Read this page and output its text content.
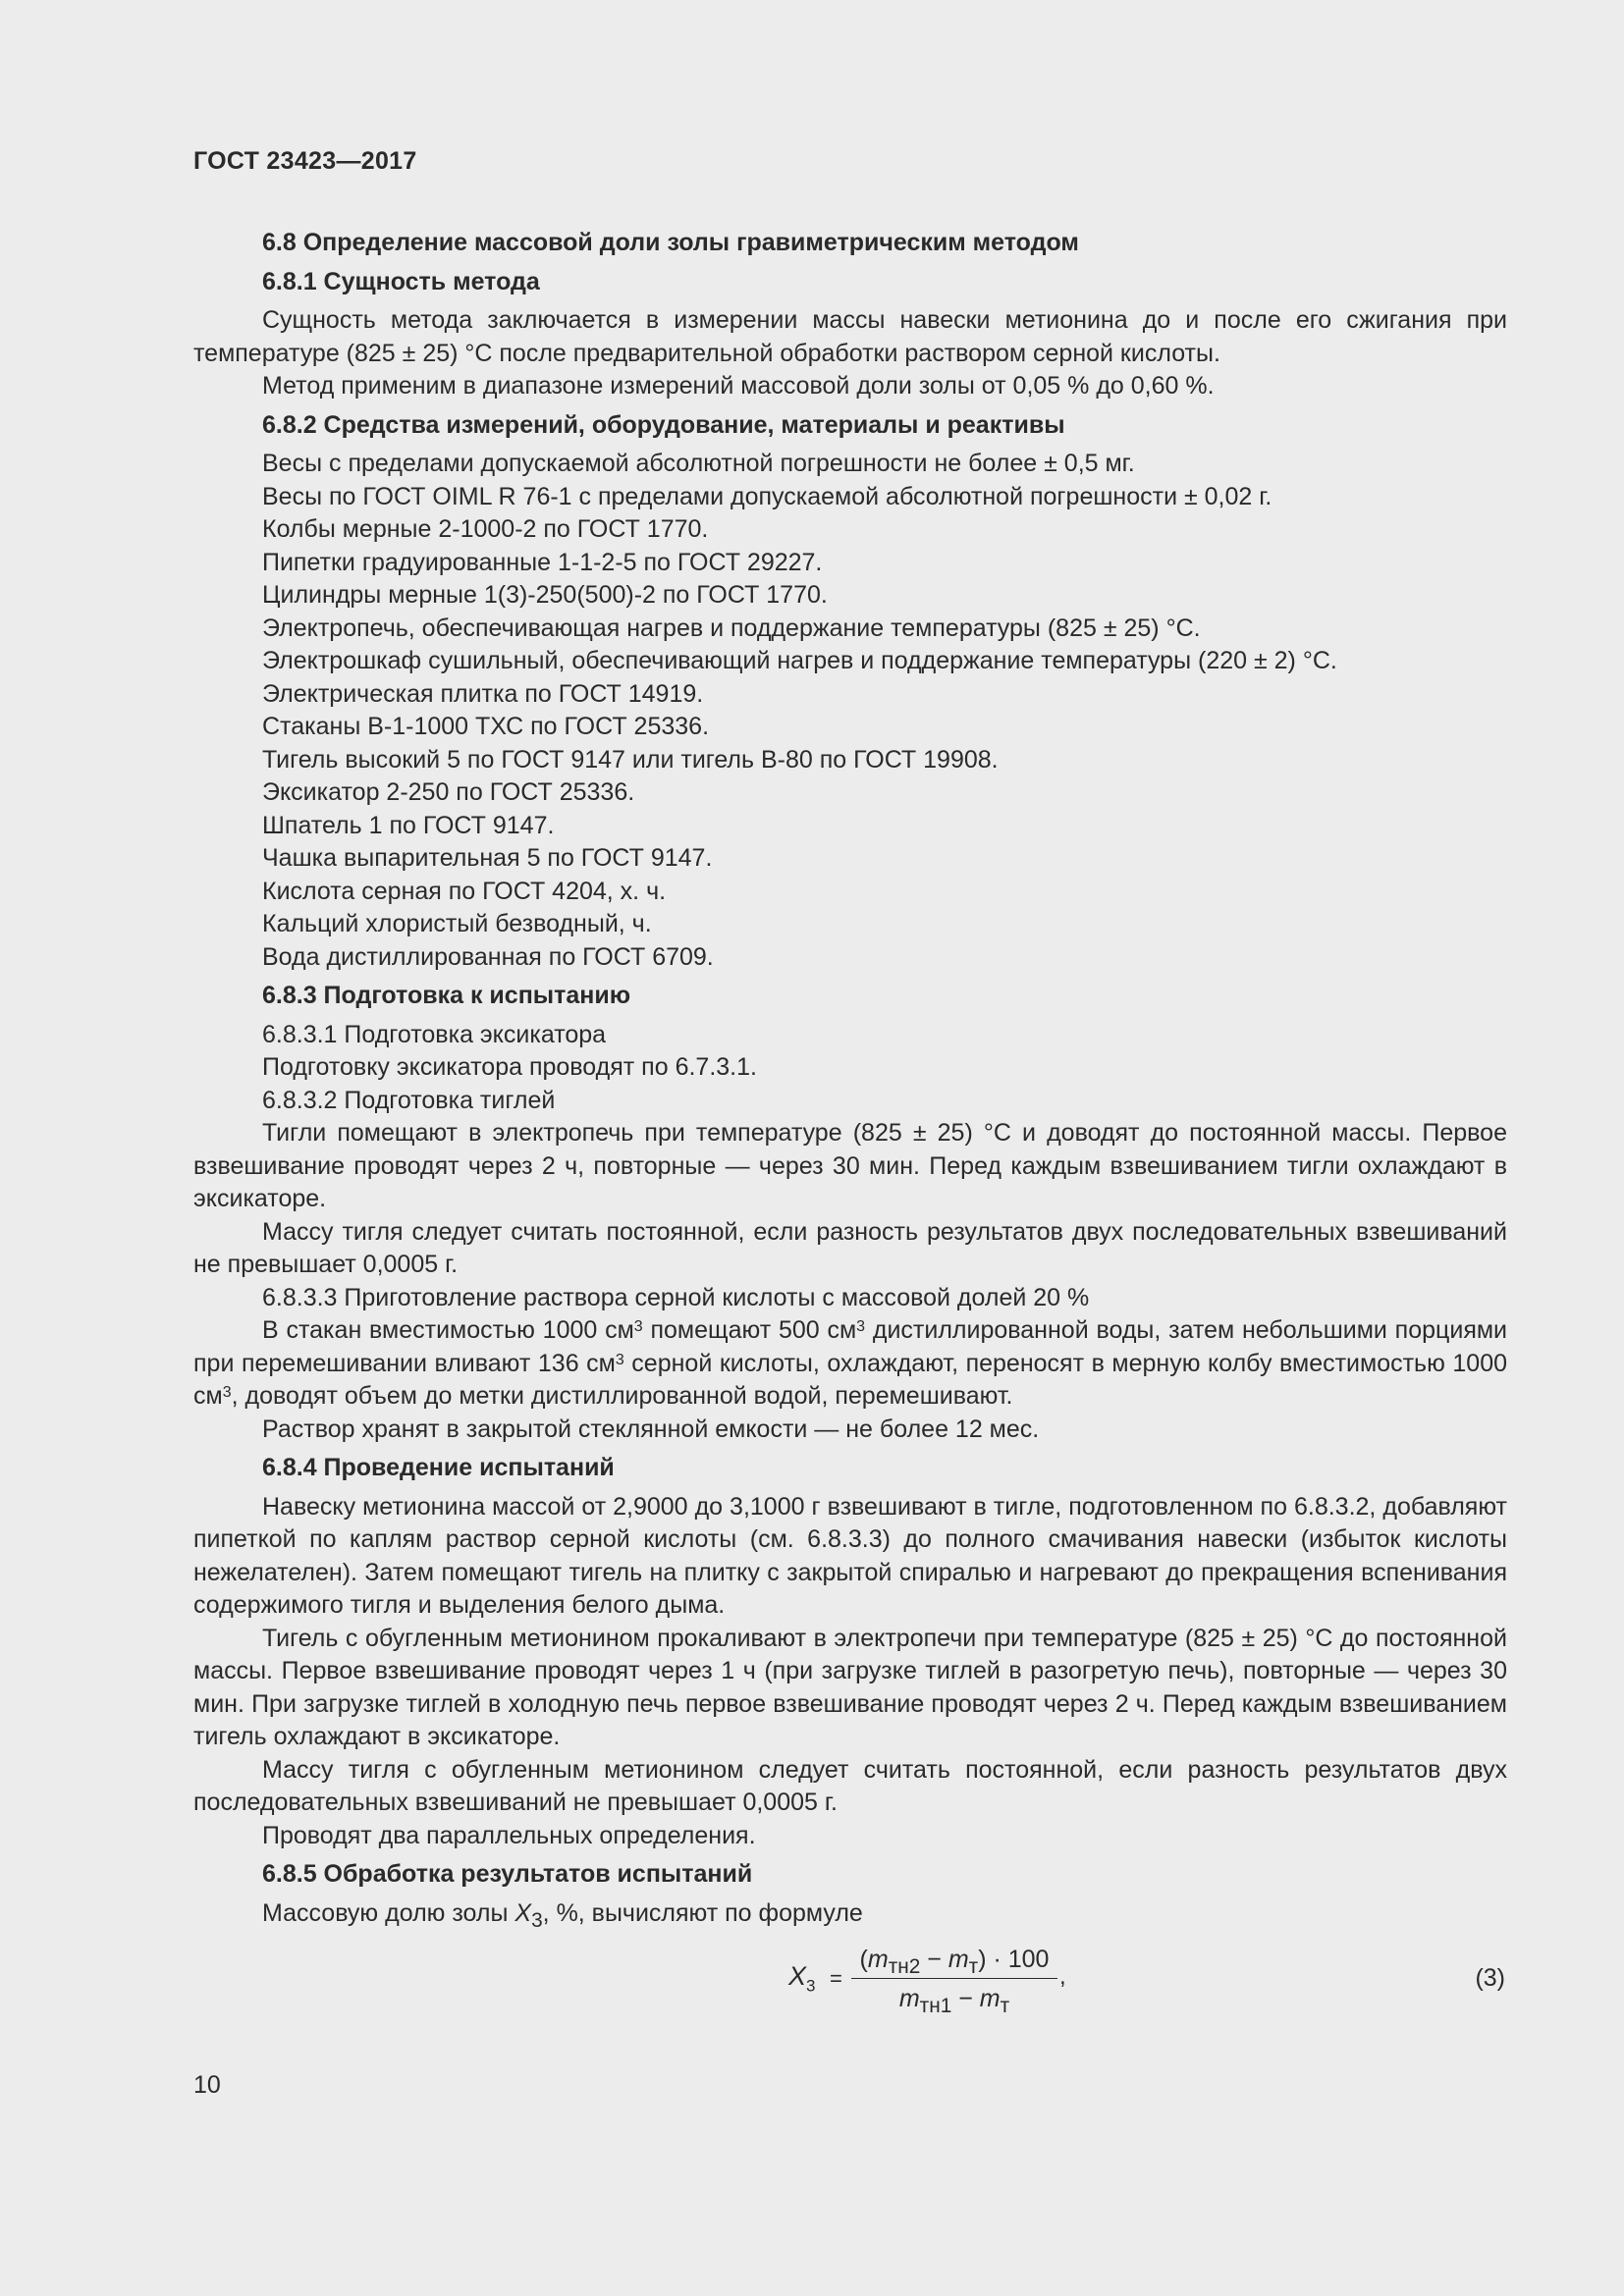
ГОСТ 23423—2017
6.8 Определение массовой доли золы гравиметрическим методом
6.8.1 Сущность метода
Сущность метода заключается в измерении массы навески метионина до и после его сжигания при температуре (825 ± 25) °С после предварительной обработки раствором серной кислоты.
Метод применим в диапазоне измерений массовой доли золы от 0,05 % до 0,60 %.
6.8.2 Средства измерений, оборудование, материалы и реактивы
Весы с пределами допускаемой абсолютной погрешности не более ± 0,5 мг.
Весы по ГОСТ OIML R 76-1 с пределами допускаемой абсолютной погрешности ± 0,02 г.
Колбы мерные 2-1000-2 по ГОСТ 1770.
Пипетки градуированные 1-1-2-5 по ГОСТ 29227.
Цилиндры мерные 1(3)-250(500)-2 по ГОСТ 1770.
Электропечь, обеспечивающая нагрев и поддержание температуры (825 ± 25) °С.
Электрошкаф сушильный, обеспечивающий нагрев и поддержание температуры (220 ± 2) °С.
Электрическая плитка по ГОСТ 14919.
Стаканы В-1-1000 ТХС по ГОСТ 25336.
Тигель высокий 5 по ГОСТ 9147 или тигель В-80 по ГОСТ 19908.
Эксикатор 2-250 по ГОСТ 25336.
Шпатель 1 по ГОСТ 9147.
Чашка выпарительная 5 по ГОСТ 9147.
Кислота серная по ГОСТ 4204, х. ч.
Кальций хлористый безводный, ч.
Вода дистиллированная по ГОСТ 6709.
6.8.3 Подготовка к испытанию
6.8.3.1 Подготовка эксикатора
Подготовку эксикатора проводят по 6.7.3.1.
6.8.3.2 Подготовка тиглей
Тигли помещают в электропечь при температуре (825 ± 25) °С и доводят до постоянной массы. Первое взвешивание проводят через 2 ч, повторные — через 30 мин. Перед каждым взвешиванием тигли охлаждают в эксикаторе.
Массу тигля следует считать постоянной, если разность результатов двух последовательных взвешиваний не превышает 0,0005 г.
6.8.3.3 Приготовление раствора серной кислоты с массовой долей 20 %
В стакан вместимостью 1000 $см^3$ помещают 500 $см^3$ дистиллированной воды, затем небольшими порциями при перемешивании вливают 136 $см^3$ серной кислоты, охлаждают, переносят в мерную колбу вместимостью 1000 $см^3$, доводят объем до метки дистиллированной водой, перемешивают.
Раствор хранят в закрытой стеклянной емкости — не более 12 мес.
6.8.4 Проведение испытаний
Навеску метионина массой от 2,9000 до 3,1000 г взвешивают в тигле, подготовленном по 6.8.3.2, добавляют пипеткой по каплям раствор серной кислоты (см. 6.8.3.3) до полного смачивания навески (избыток кислоты нежелателен). Затем помещают тигель на плитку с закрытой спиралью и нагревают до прекращения вспенивания содержимого тигля и выделения белого дыма.
Тигель с обугленным метионином прокаливают в электропечи при температуре (825 ± 25) °С до постоянной массы. Первое взвешивание проводят через 1 ч (при загрузке тиглей в разогретую печь), повторные — через 30 мин. При загрузке тиглей в холодную печь первое взвешивание проводят через 2 ч. Перед каждым взвешиванием тигель охлаждают в эксикаторе.
Массу тигля с обугленным метионином следует считать постоянной, если разность результатов двух последовательных взвешиваний не превышает 0,0005 г.
Проводят два параллельных определения.
6.8.5 Обработка результатов испытаний
Массовую долю золы $X_3$, %, вычисляют по формуле
$X_3$ =
$(m_{тн2} - m_т) \cdot 100$
$m_{тн1} - m_т$
,	(3)
10
